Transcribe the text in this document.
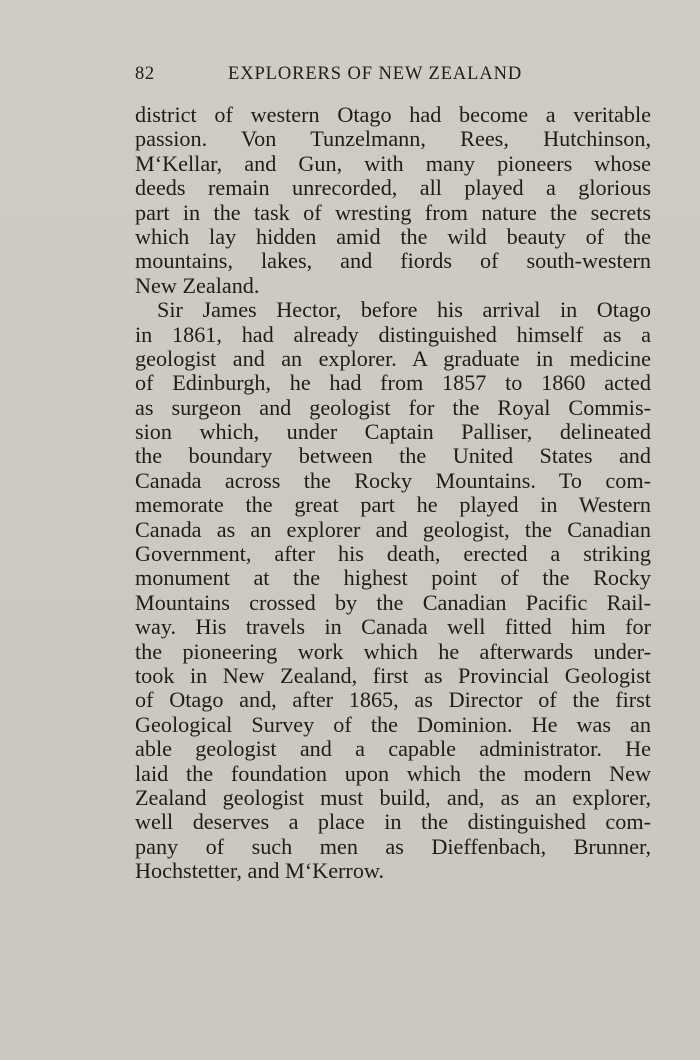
82	EXPLORERS OF NEW ZEALAND
district of western Otago had become a veritable
passion. Von Tunzelmann, Rees, Hutchinson,
M‘Kellar, and Gun, with many pioneers whose
deeds remain unrecorded, all played a glorious
part in the task of wresting from nature the secrets
which lay hidden amid the wild beauty of the
mountains, lakes, and fiords of south-western
New Zealand.
Sir James Hector, before his arrival in Otago
in 1861, had already distinguished himself as a
geologist and an explorer. A graduate in medicine
of Edinburgh, he had from 1857 to 1860 acted
as surgeon and geologist for the Royal Commis-
sion which, under Captain Palliser, delineated
the boundary between the United States and
Canada across the Rocky Mountains. To com-
memorate the great part he played in Western
Canada as an explorer and geologist, the Canadian
Government, after his death, erected a striking
monument at the highest point of the Rocky
Mountains crossed by the Canadian Pacific Rail-
way. His travels in Canada well fitted him for
the pioneering work which he afterwards under-
took in New Zealand, first as Provincial Geologist
of Otago and, after 1865, as Director of the first
Geological Survey of the Dominion. He was an
able geologist and a capable administrator. He
laid the foundation upon which the modern New
Zealand geologist must build, and, as an explorer,
well deserves a place in the distinguished com-
pany of such men as Dieffenbach, Brunner,
Hochstetter, and M‘Kerrow.
